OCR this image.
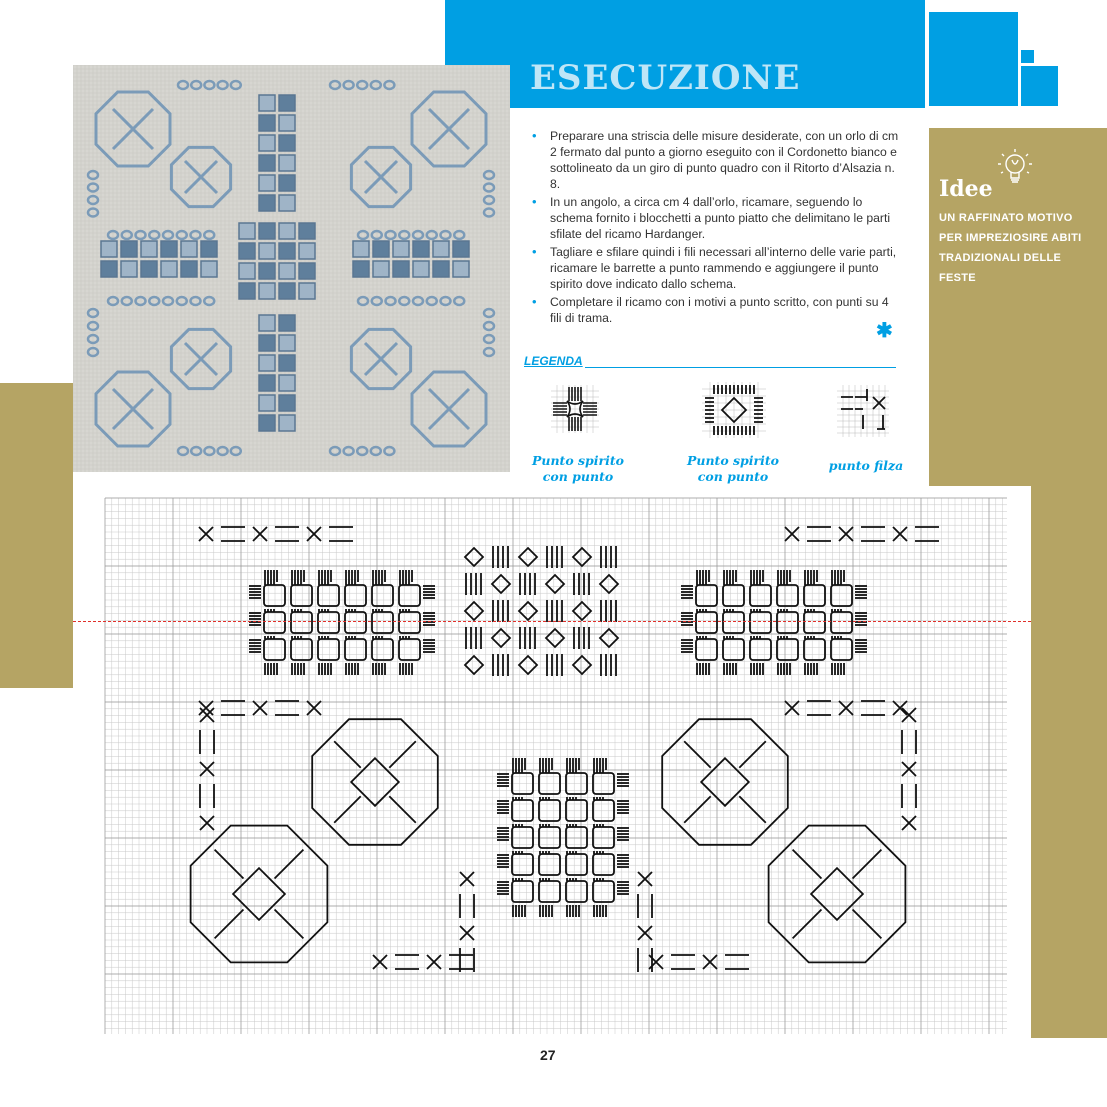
ESECUZIONE
Idee
UN RAFFINATO MOTIVO PER IMPREZIOSIRE ABITI TRADIZIONALI DELLE FESTE
• Preparare una striscia delle misure desiderate, con un orlo di cm 2 fermato dal punto a giorno eseguito con il Cordonetto bianco e sottolineato da un giro di punto quadro con il Ritorto d’Alsazia n. 8.
• In un angolo, a circa cm 4 dall’orlo, ricamare, seguendo lo schema fornito i blocchetti a punto piatto che delimitano le parti sfilate del ricamo Hardanger.
• Tagliare e sfilare quindi i fili necessari all’interno delle varie parti, ricamare le barrette a punto rammendo e aggiungere il punto spirito dove indicato dallo schema.
• Completare il ricamo con i motivi a punto scritto, con punti su 4 fili di trama.
✱
LEGENDA
Punto spirito
con punto
Punto spirito
con punto
punto filza
27
